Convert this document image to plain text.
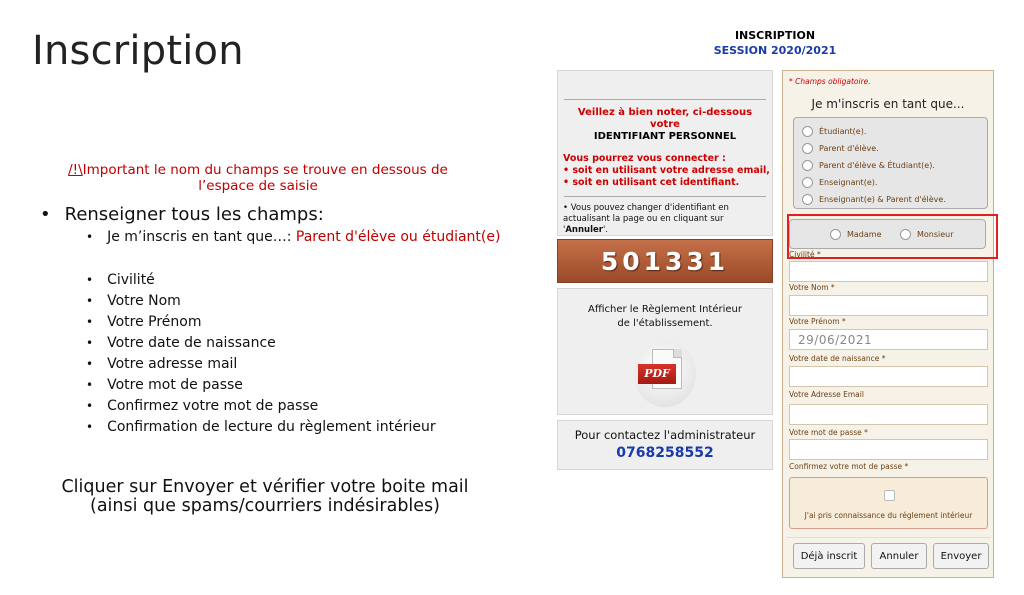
Inscription
/!\Important le nom du champs se trouve en dessous de l’espace de saisie
• Renseigner tous les champs:
• Je m’inscris en tant que…:
Parent d'élève ou étudiant(e)
• Civilité
• Votre Nom
• Votre Prénom
• Votre date de naissance
• Votre adresse mail
• Votre mot de passe
• Confirmez votre mot de passe
• Confirmation de lecture du règlement intérieur
Cliquer sur Envoyer et vérifier votre boite mail
(ainsi que spams/courriers indésirables)
INSCRIPTION
SESSION 2020/2021
Veillez à bien noter, ci-dessous votre
IDENTIFIANT PERSONNEL
Vous pourrez vous connecter :
• soit en utilisant votre adresse email,
• soit en utilisant cet identifiant.
• Vous pouvez changer d'identifiant en actualisant la page ou en cliquant sur 'Annuler'.
501331
Afficher le Règlement Intérieur
de l'établissement.
PDF
Pour contactez l'administrateur
0768258552
* Champs obligatoire.
Je m'inscris en tant que...
Étudiant(e).
Parent d'élève.
Parent d'élève & Étudiant(e).
Enseignant(e).
Enseignant(e) & Parent d'élève.
Madame	Monsieur
Civilité *
Votre Nom *
Votre Prénom *
29/06/2021
Votre date de naissance *
Votre Adresse Email
Votre mot de passe *
Confirmez votre mot de passe *
J'ai pris connaissance du réglement intérieur
Déjà inscrit	Annuler	Envoyer
